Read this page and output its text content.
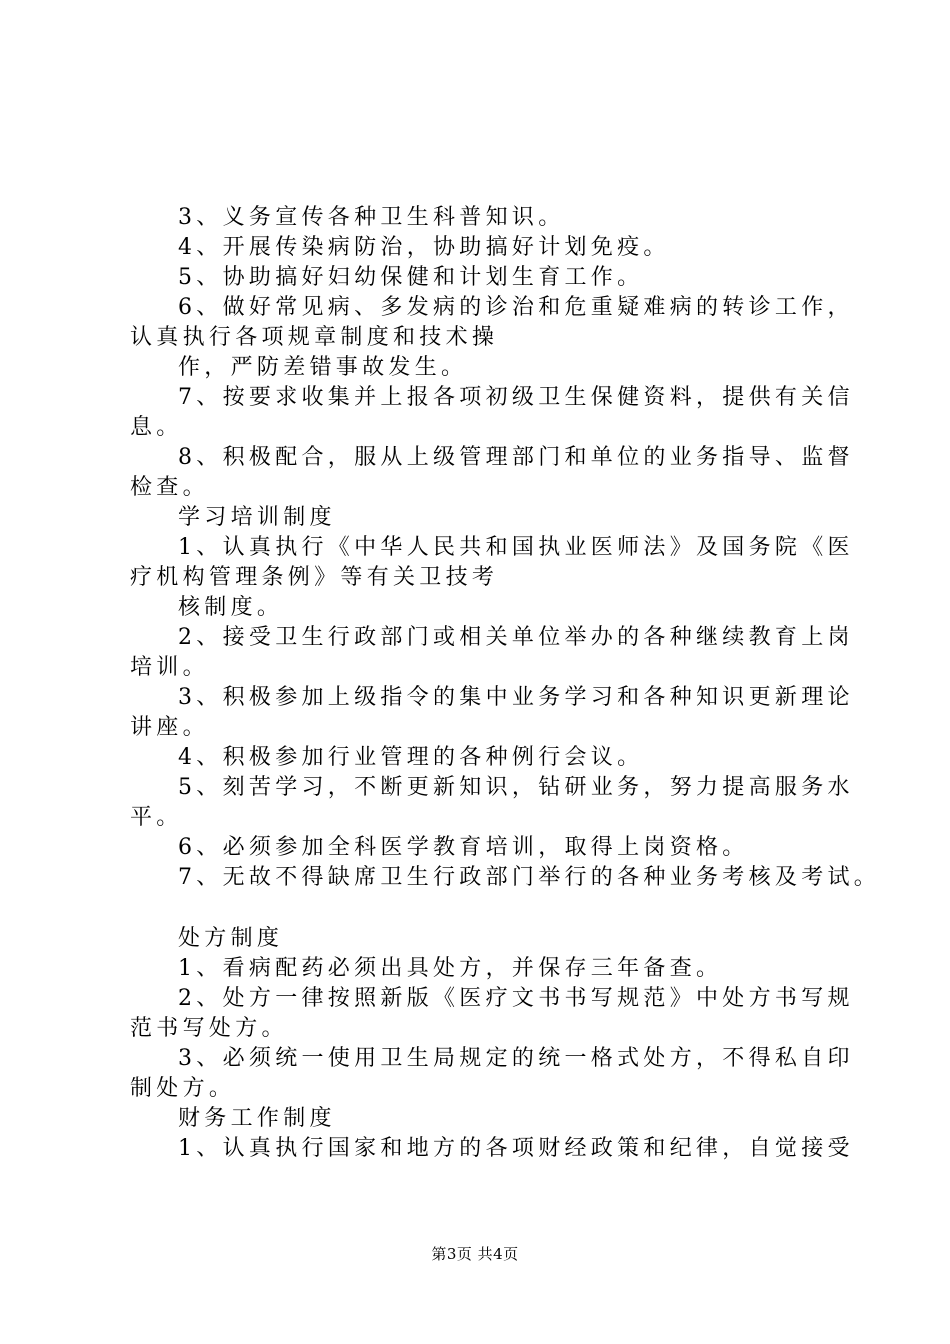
3、义务宣传各种卫生科普知识。
4、开展传染病防治，协助搞好计划免疫。
5、协助搞好妇幼保健和计划生育工作。
6、做好常见病、多发病的诊治和危重疑难病的转诊工作，
认真执行各项规章制度和技术操
作，严防差错事故发生。
7、按要求收集并上报各项初级卫生保健资料，提供有关信
息。
8、积极配合，服从上级管理部门和单位的业务指导、监督
检查。
学习培训制度
1、认真执行《中华人民共和国执业医师法》及国务院《医
疗机构管理条例》等有关卫技考
核制度。
2、接受卫生行政部门或相关单位举办的各种继续教育上岗
培训。
3、积极参加上级指令的集中业务学习和各种知识更新理论
讲座。
4、积极参加行业管理的各种例行会议。
5、刻苦学习，不断更新知识，钻研业务，努力提高服务水
平。
6、必须参加全科医学教育培训，取得上岗资格。
7、无故不得缺席卫生行政部门举行的各种业务考核及考试。
处方制度
1、看病配药必须出具处方，并保存三年备查。
2、处方一律按照新版《医疗文书书写规范》中处方书写规
范书写处方。
3、必须统一使用卫生局规定的统一格式处方，不得私自印
制处方。
财务工作制度
1、认真执行国家和地方的各项财经政策和纪律，自觉接受
第3页 共4页
